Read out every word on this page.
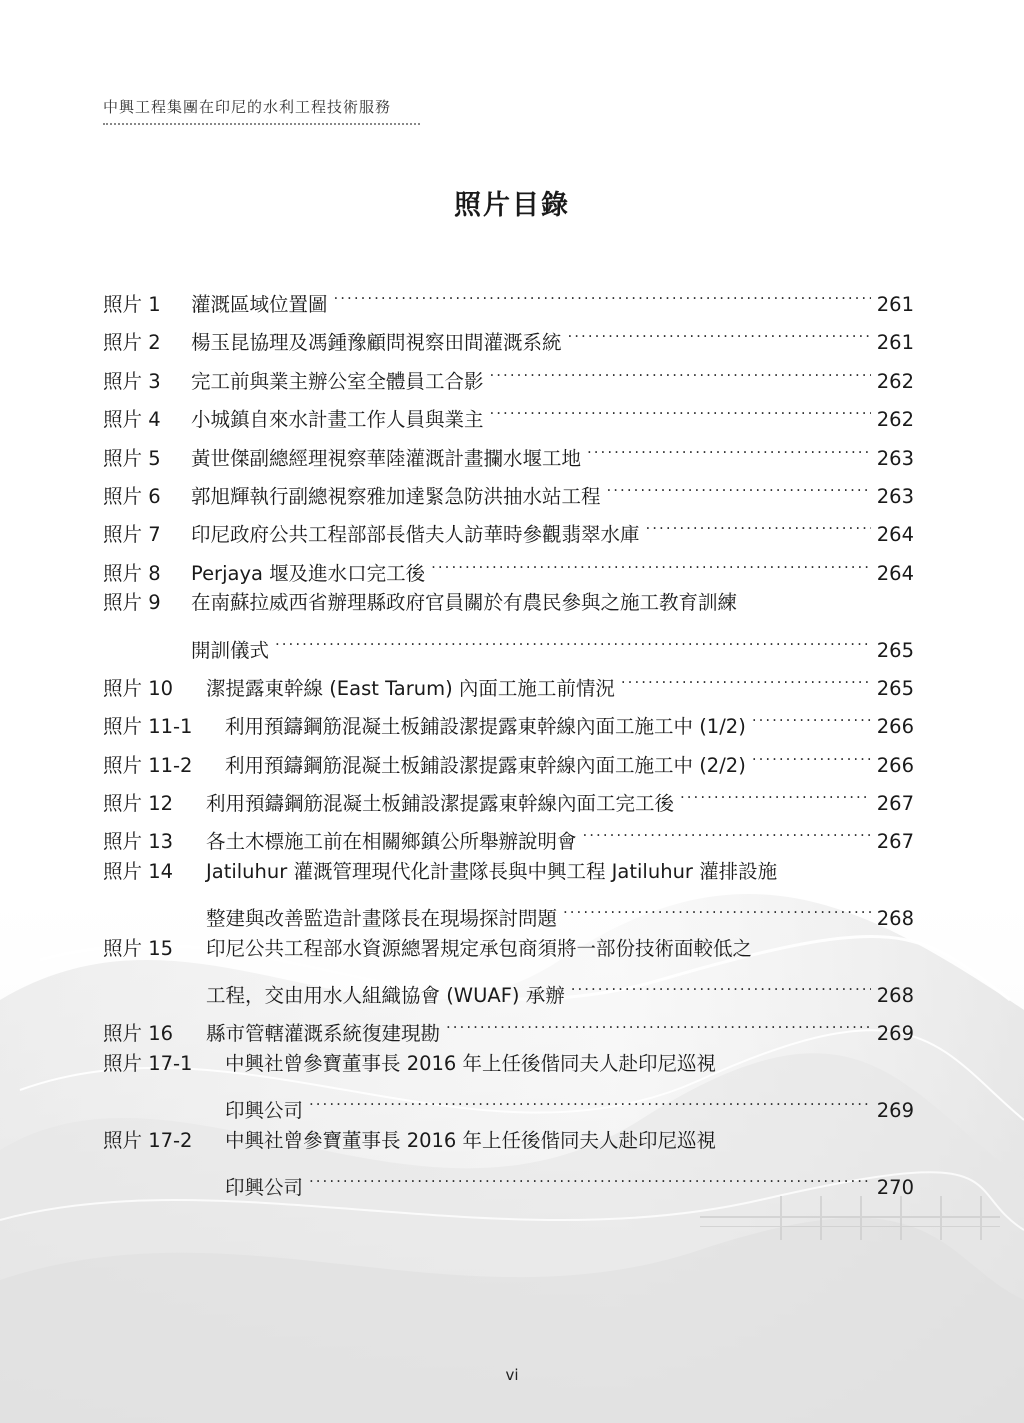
中興工程集團在印尼的水利工程技術服務
照片目錄
照片 1	灌溉區域位置圖 .....	261
照片 2	楊玉昆協理及馮鍾豫顧問視察田間灌溉系統 .....	261
照片 3	完工前與業主辦公室全體員工合影 .....	262
照片 4	小城鎮自來水計畫工作人員與業主 .....	262
照片 5	黃世傑副總經理視察華陸灌溉計畫攔水堰工地 .....	263
照片 6	郭旭輝執行副總視察雅加達緊急防洪抽水站工程 .....	263
照片 7	印尼政府公共工程部部長偕夫人訪華時參觀翡翠水庫 .....	264
照片 8	Perjaya 堰及進水口完工後 .....	264
照片 9	在南蘇拉威西省辦理縣政府官員關於有農民參與之施工教育訓練
開訓儀式 .....	265
照片 10	潔提露東幹線 (East Tarum) 內面工施工前情況 .....	265
照片 11-1	利用預鑄鋼筋混凝土板鋪設潔提露東幹線內面工施工中 (1/2) .....	266
照片 11-2	利用預鑄鋼筋混凝土板鋪設潔提露東幹線內面工施工中 (2/2) .....	266
照片 12	利用預鑄鋼筋混凝土板鋪設潔提露東幹線內面工完工後 .....	267
照片 13	各土木標施工前在相關鄉鎮公所舉辦說明會 .....	267
照片 14	Jatiluhur 灌溉管理現代化計畫隊長與中興工程 Jatiluhur 灌排設施
整建與改善監造計畫隊長在現場探討問題 .....	268
照片 15	印尼公共工程部水資源總署規定承包商須將一部份技術面較低之
工程，交由用水人組織協會 (WUAF) 承辦 .....	268
照片 16	縣市管轄灌溉系統復建現勘 .....	269
照片 17-1	中興社曾參寶董事長 2016 年上任後偕同夫人赴印尼巡視
印興公司 .....	269
照片 17-2	中興社曾參寶董事長 2016 年上任後偕同夫人赴印尼巡視
印興公司 .....	270
vi
